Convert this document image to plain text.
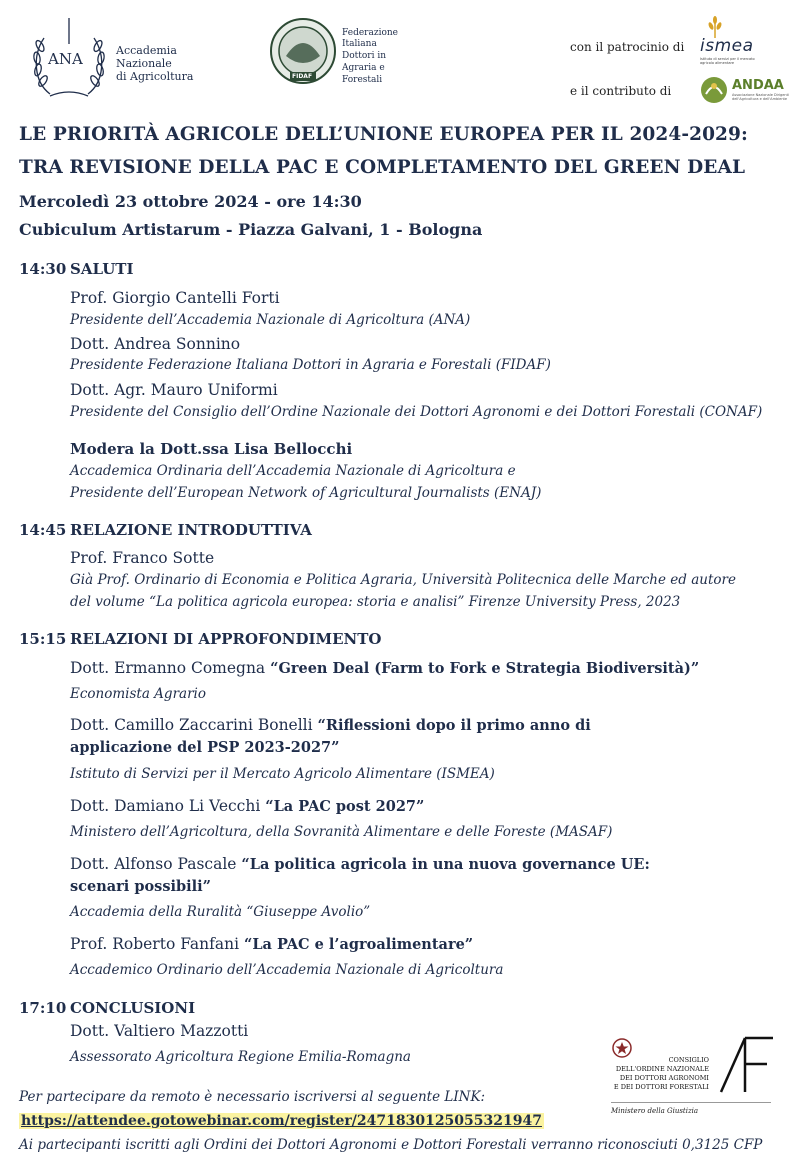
ANA	Accademia
Nazionale
di Agricoltura	FIDAF
Federazione
Italiana
Dottori in
Agraria e
Forestali
con il patrocinio di ismea
Istituto di servizi per il mercato agricolo alimentare
e il contributo di	ANDAA
Associazione Nazionale Dirigenti dell'Agricoltura e dell'Ambiente
LE PRIORITÀ AGRICOLE DELL’UNIONE EUROPEA PER IL 2024-2029:
TRA REVISIONE DELLA PAC E COMPLETAMENTO DEL GREEN DEAL
Mercoledì 23 ottobre 2024 - ore 14:30
Cubiculum Artistarum - Piazza Galvani, 1 - Bologna
14:30 SALUTI
Prof. Giorgio Cantelli Forti
Presidente dell’Accademia Nazionale di Agricoltura (ANA)
Dott. Andrea Sonnino
Presidente Federazione Italiana Dottori in Agraria e Forestali (FIDAF)
Dott. Agr. Mauro Uniformi
Presidente del Consiglio dell’Ordine Nazionale dei Dottori Agronomi e dei Dottori Forestali (CONAF)
Modera la Dott.ssa Lisa Bellocchi
Accademica Ordinaria dell’Accademia Nazionale di Agricoltura e
Presidente dell’European Network of Agricultural Journalists (ENAJ)
14:45 RELAZIONE INTRODUTTIVA
Prof. Franco Sotte
Già Prof. Ordinario di Economia e Politica Agraria, Università Politecnica delle Marche ed autore
del volume “La politica agricola europea: storia e analisi” Firenze University Press, 2023
15:15 RELAZIONI DI APPROFONDIMENTO
Dott. Ermanno Comegna “Green Deal (Farm to Fork e Strategia Biodiversità)”
Economista Agrario
Dott. Camillo Zaccarini Bonelli “Riflessioni dopo il primo anno di
applicazione del PSP 2023-2027”
Istituto di Servizi per il Mercato Agricolo Alimentare (ISMEA)
Dott. Damiano Li Vecchi “La PAC post 2027”
Ministero dell’Agricoltura, della Sovranità Alimentare e delle Foreste (MASAF)
Dott. Alfonso Pascale “La politica agricola in una nuova governance UE:
scenari possibili”
Accademia della Ruralità “Giuseppe Avolio”
Prof. Roberto Fanfani “La PAC e l’agroalimentare”
Accademico Ordinario dell’Accademia Nazionale di Agricoltura
17:10 CONCLUSIONI
Dott. Valtiero Mazzotti
Assessorato Agricoltura Regione Emilia-Romagna	CONSIGLIO
DELL'ORDINE NAZIONALE
DEI DOTTORI AGRONOMI
E DEI DOTTORI FORESTALI
Ministero della Giustizia
Per partecipare da remoto è necessario iscriversi al seguente LINK:
https://attendee.gotowebinar.com/register/2471830125055321947
Ai partecipanti iscritti agli Ordini dei Dottori Agronomi e Dottori Forestali verranno riconosciuti 0,3125 CFP
